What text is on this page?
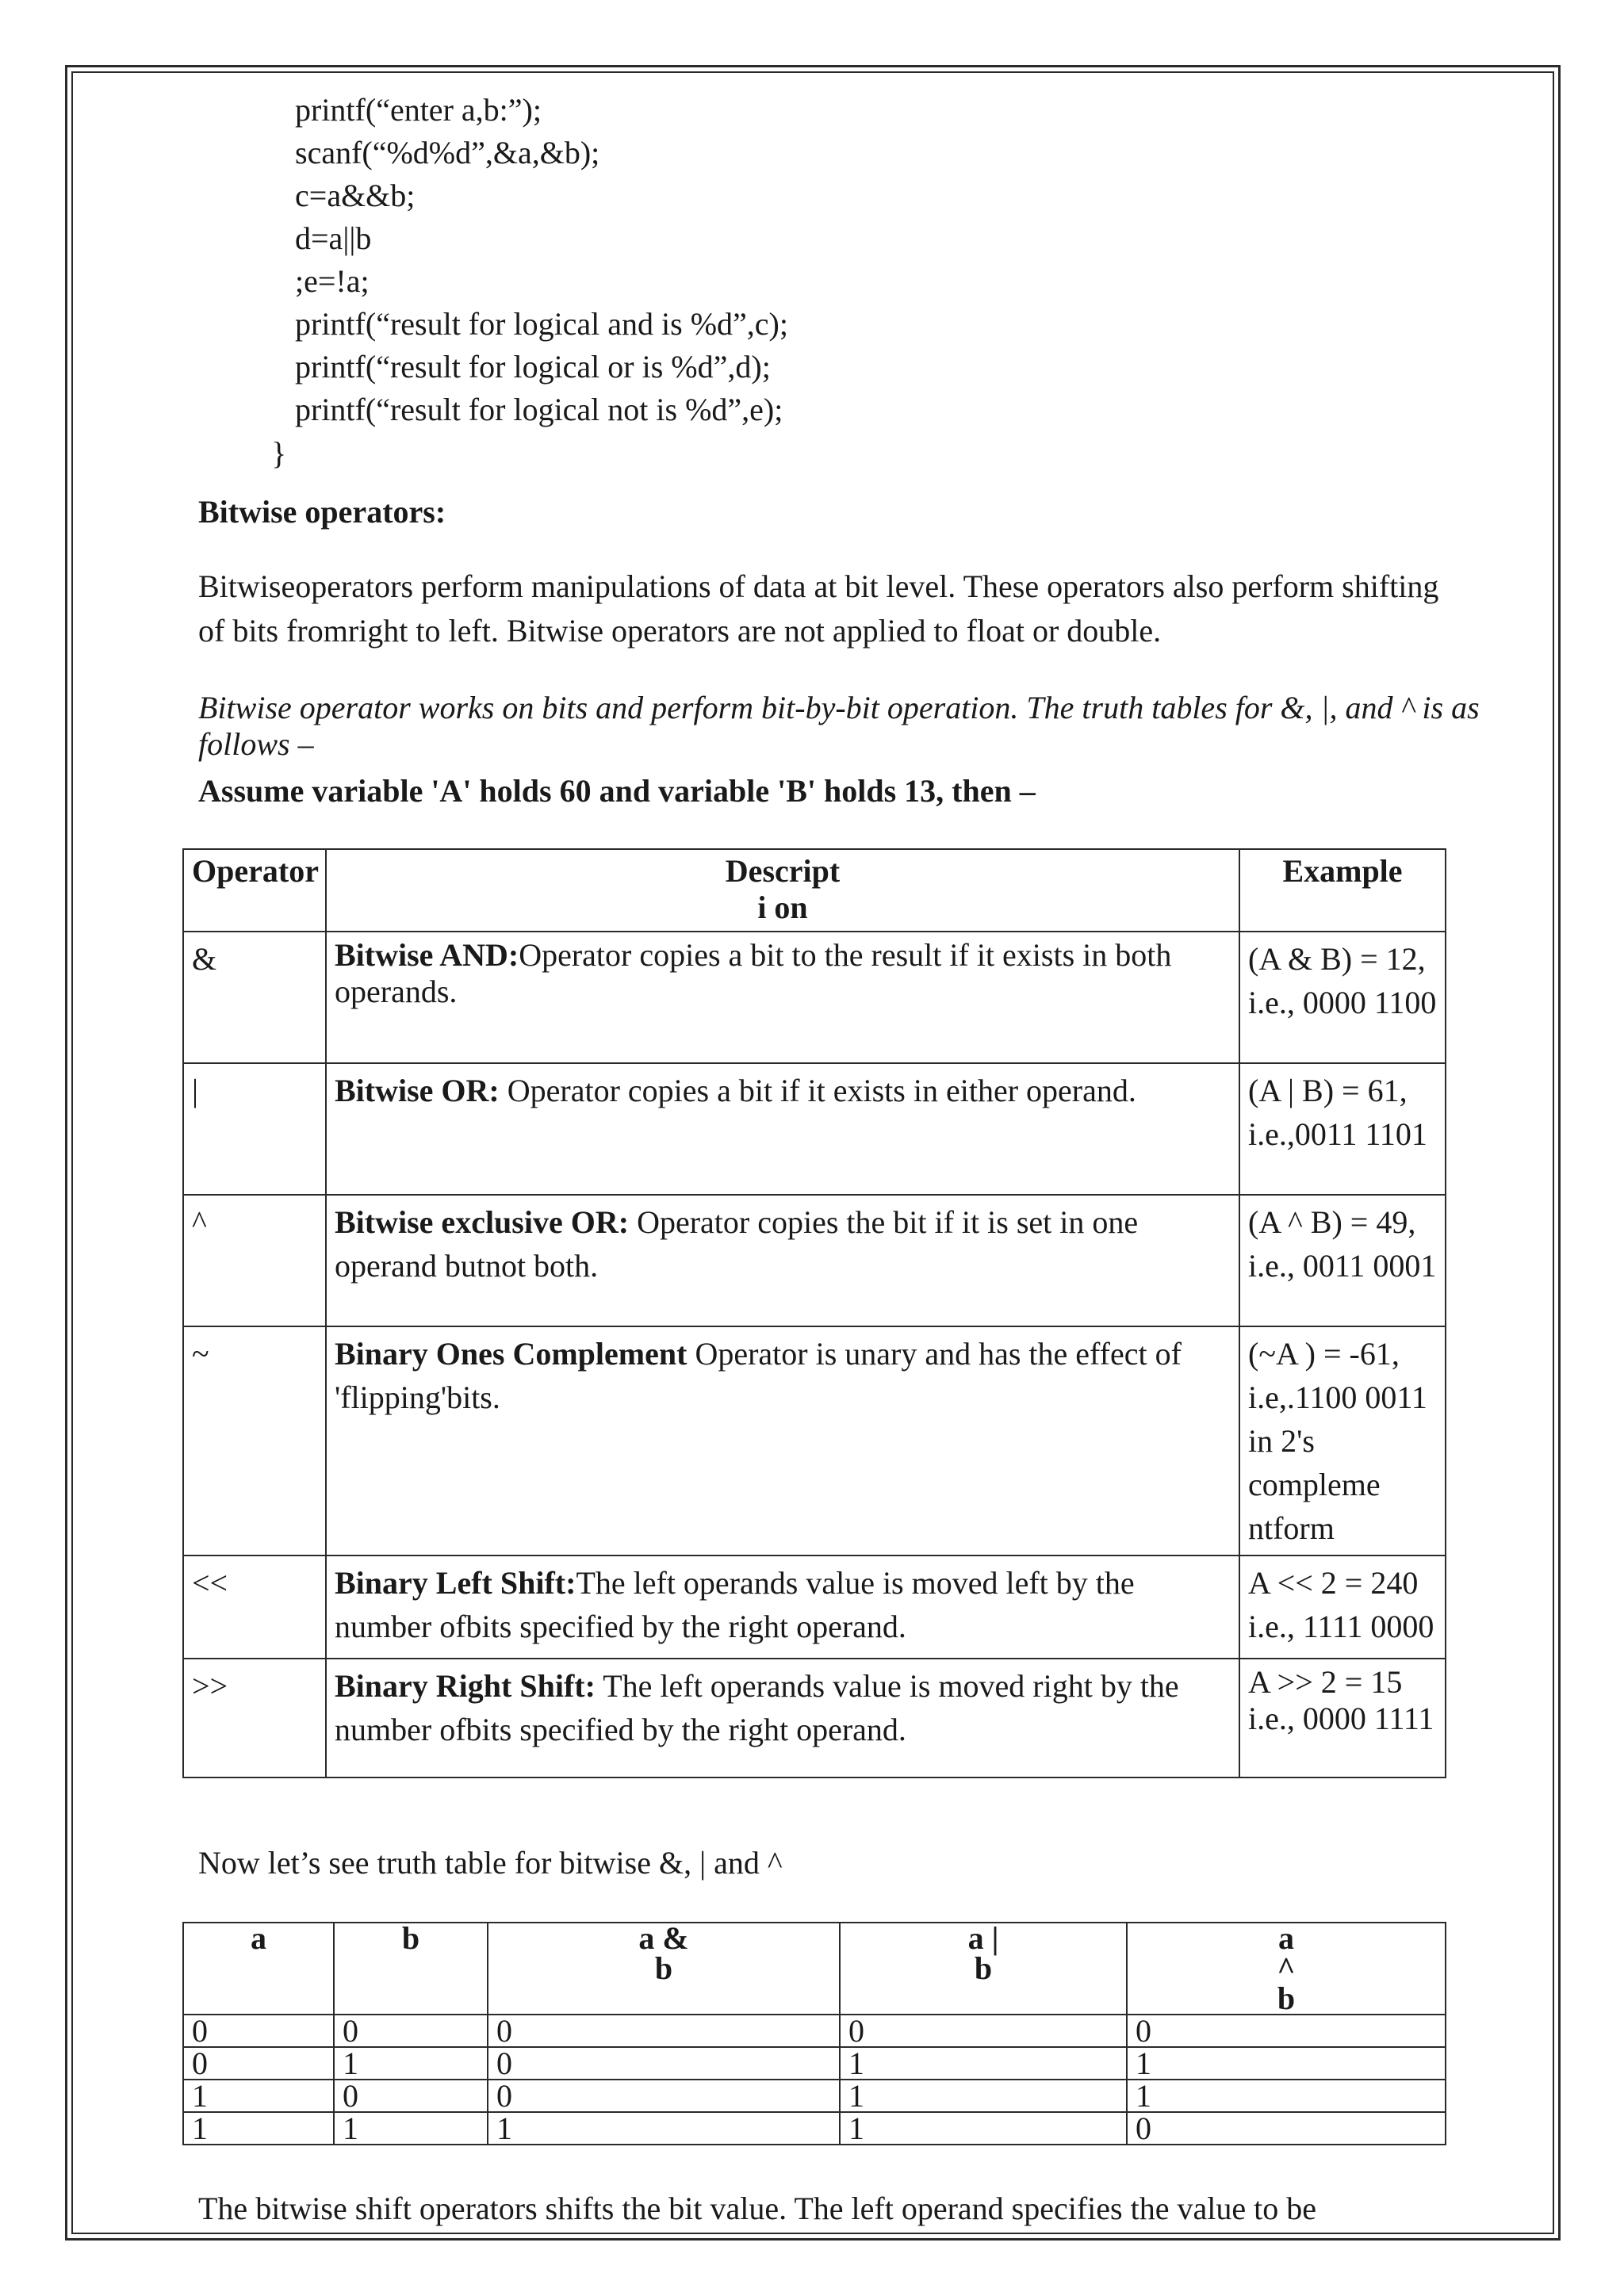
printf(“enter a,b:”);
scanf(“%d%d”,&a,&b);
c=a&&b;
d=a||b
;e=!a;
printf(“result for logical and is %d”,c);
printf(“result for logical or is %d”,d);
printf(“result for logical not is %d”,e);
}
Bitwise operators:
Bitwiseoperators perform manipulations of data at bit level. These operators also perform shifting of bits fromright to left. Bitwise operators are not applied to float or double.
Bitwise operator works on bits and perform bit-by-bit operation. The truth tables for &, |, and ^ is as follows –
Assume variable 'A' holds 60 and variable 'B' holds 13, then –
Operator	Descripti on	Example
&	Bitwise AND:Operator copies a bit to the result if it exists in both operands.	(A & B) = 12, i.e., 0000 1100
|	Bitwise OR: Operator copies a bit if it exists in either operand.	(A | B) = 61, i.e.,0011 1101
^	Bitwise exclusive OR: Operator copies the bit if it is set in one operand butnot both.	(A ^ B) = 49, i.e., 0011 0001
~	Binary Ones Complement Operator is unary and has the effect of 'flipping'bits.	(~A ) = -61, i.e,.1100 0011 in 2's compleme ntform
<<	Binary Left Shift:The left operands value is moved left by the number ofbits specified by the right operand.	A << 2 = 240 i.e., 1111 0000
>>	Binary Right Shift: The left operands value is moved right by the number ofbits specified by the right operand.	A >> 2 = 15 i.e., 0000 1111
Now let’s see truth table for bitwise &, | and ^
a	b	a & b	a | b	a ^ b

0	0	0	0	0
0	1	0	1	1
1	0	0	1	1
1	1	1	1	0
The bitwise shift operators shifts the bit value. The left operand specifies the value to be
